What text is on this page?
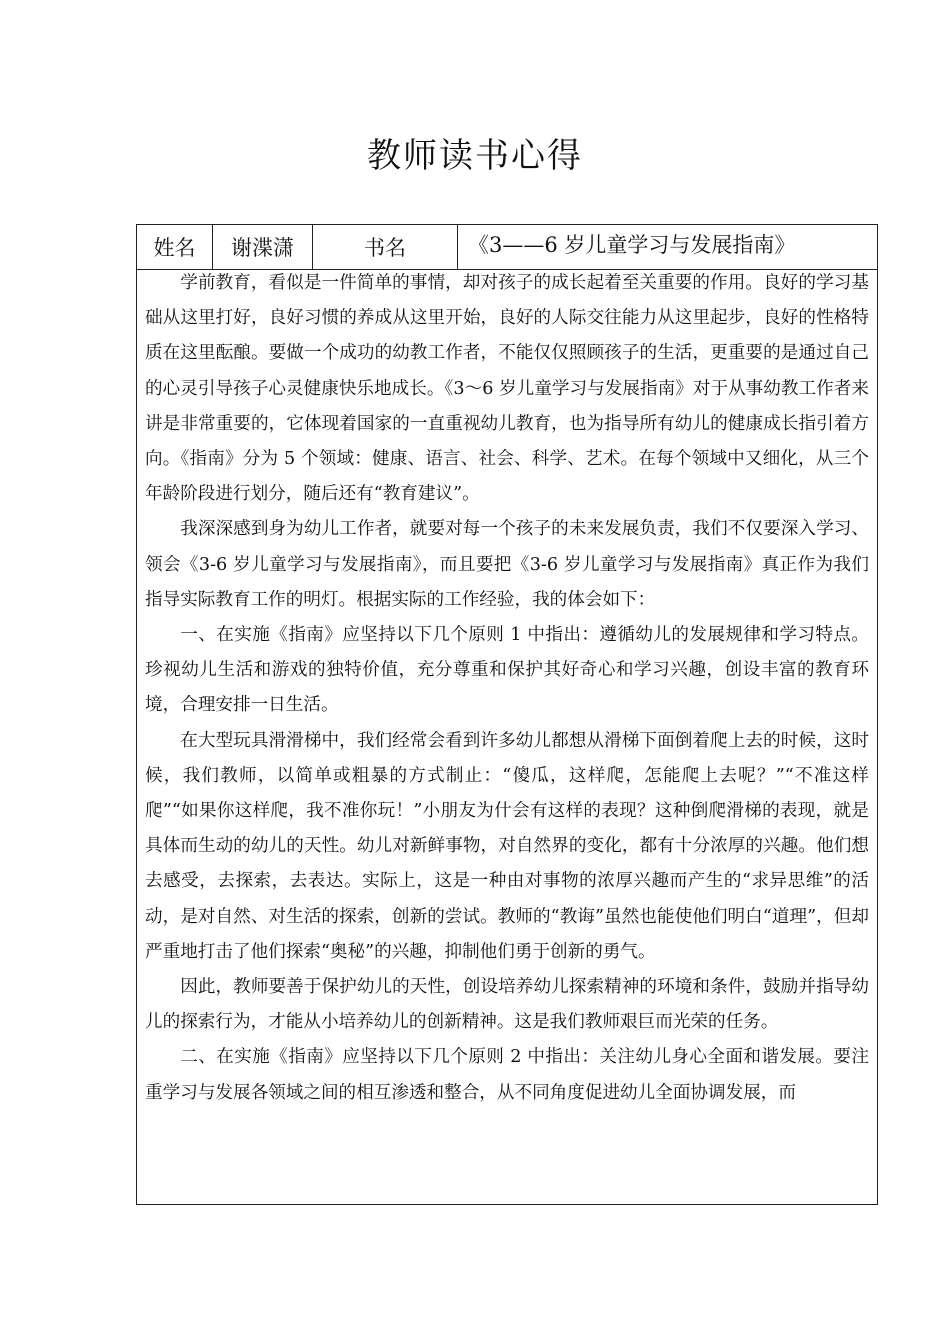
教师读书心得
姓名	谢渫潇	书名	《3——6 岁儿童学习与发展指南》

学前教育，看似是一件简单的事情，却对孩子的成长起着至关重要的作用。良好的学习基础从这里打好，良好习惯的养成从这里开始，良好的人际交往能力从这里起步，良好的性格特质在这里酝酿。要做一个成功的幼教工作者，不能仅仅照顾孩子的生活，更重要的是通过自己的心灵引导孩子心灵健康快乐地成长。《3～6 岁儿童学习与发展指南》对于从事幼教工作者来讲是非常重要的，它体现着国家的一直重视幼儿教育，也为指导所有幼儿的健康成长指引着方向。《指南》分为 5 个领域：健康、语言、社会、科学、艺术。在每个领域中又细化，从三个年龄阶段进行划分，随后还有“教育建议”。

我深深感到身为幼儿工作者，就要对每一个孩子的未来发展负责，我们不仅要深入学习、领会《3-6 岁儿童学习与发展指南》，而且要把《3-6 岁儿童学习与发展指南》真正作为我们指导实际教育工作的明灯。根据实际的工作经验，我的体会如下：

一、在实施《指南》应坚持以下几个原则 1 中指出：遵循幼儿的发展规律和学习特点。珍视幼儿生活和游戏的独特价值，充分尊重和保护其好奇心和学习兴趣，创设丰富的教育环境，合理安排一日生活。

在大型玩具滑滑梯中，我们经常会看到许多幼儿都想从滑梯下面倒着爬上去的时候，这时候，我们教师，以简单或粗暴的方式制止：“傻瓜，这样爬，怎能爬上去呢？”“不准这样爬”“如果你这样爬，我不准你玩！”小朋友为什会有这样的表现？这种倒爬滑梯的表现，就是具体而生动的幼儿的天性。幼儿对新鲜事物，对自然界的变化，都有十分浓厚的兴趣。他们想去感受，去探索，去表达。实际上，这是一种由对事物的浓厚兴趣而产生的“求异思维”的活动，是对自然、对生活的探索，创新的尝试。教师的“教诲”虽然也能使他们明白“道理”，但却严重地打击了他们探索“奥秘”的兴趣，抑制他们勇于创新的勇气。

因此，教师要善于保护幼儿的天性，创设培养幼儿探索精神的环境和条件，鼓励并指导幼儿的探索行为，才能从小培养幼儿的创新精神。这是我们教师艰巨而光荣的任务。

二、在实施《指南》应坚持以下几个原则 2 中指出：关注幼儿身心全面和谐发展。要注重学习与发展各领域之间的相互渗透和整合，从不同角度促进幼儿全面协调发展，而
